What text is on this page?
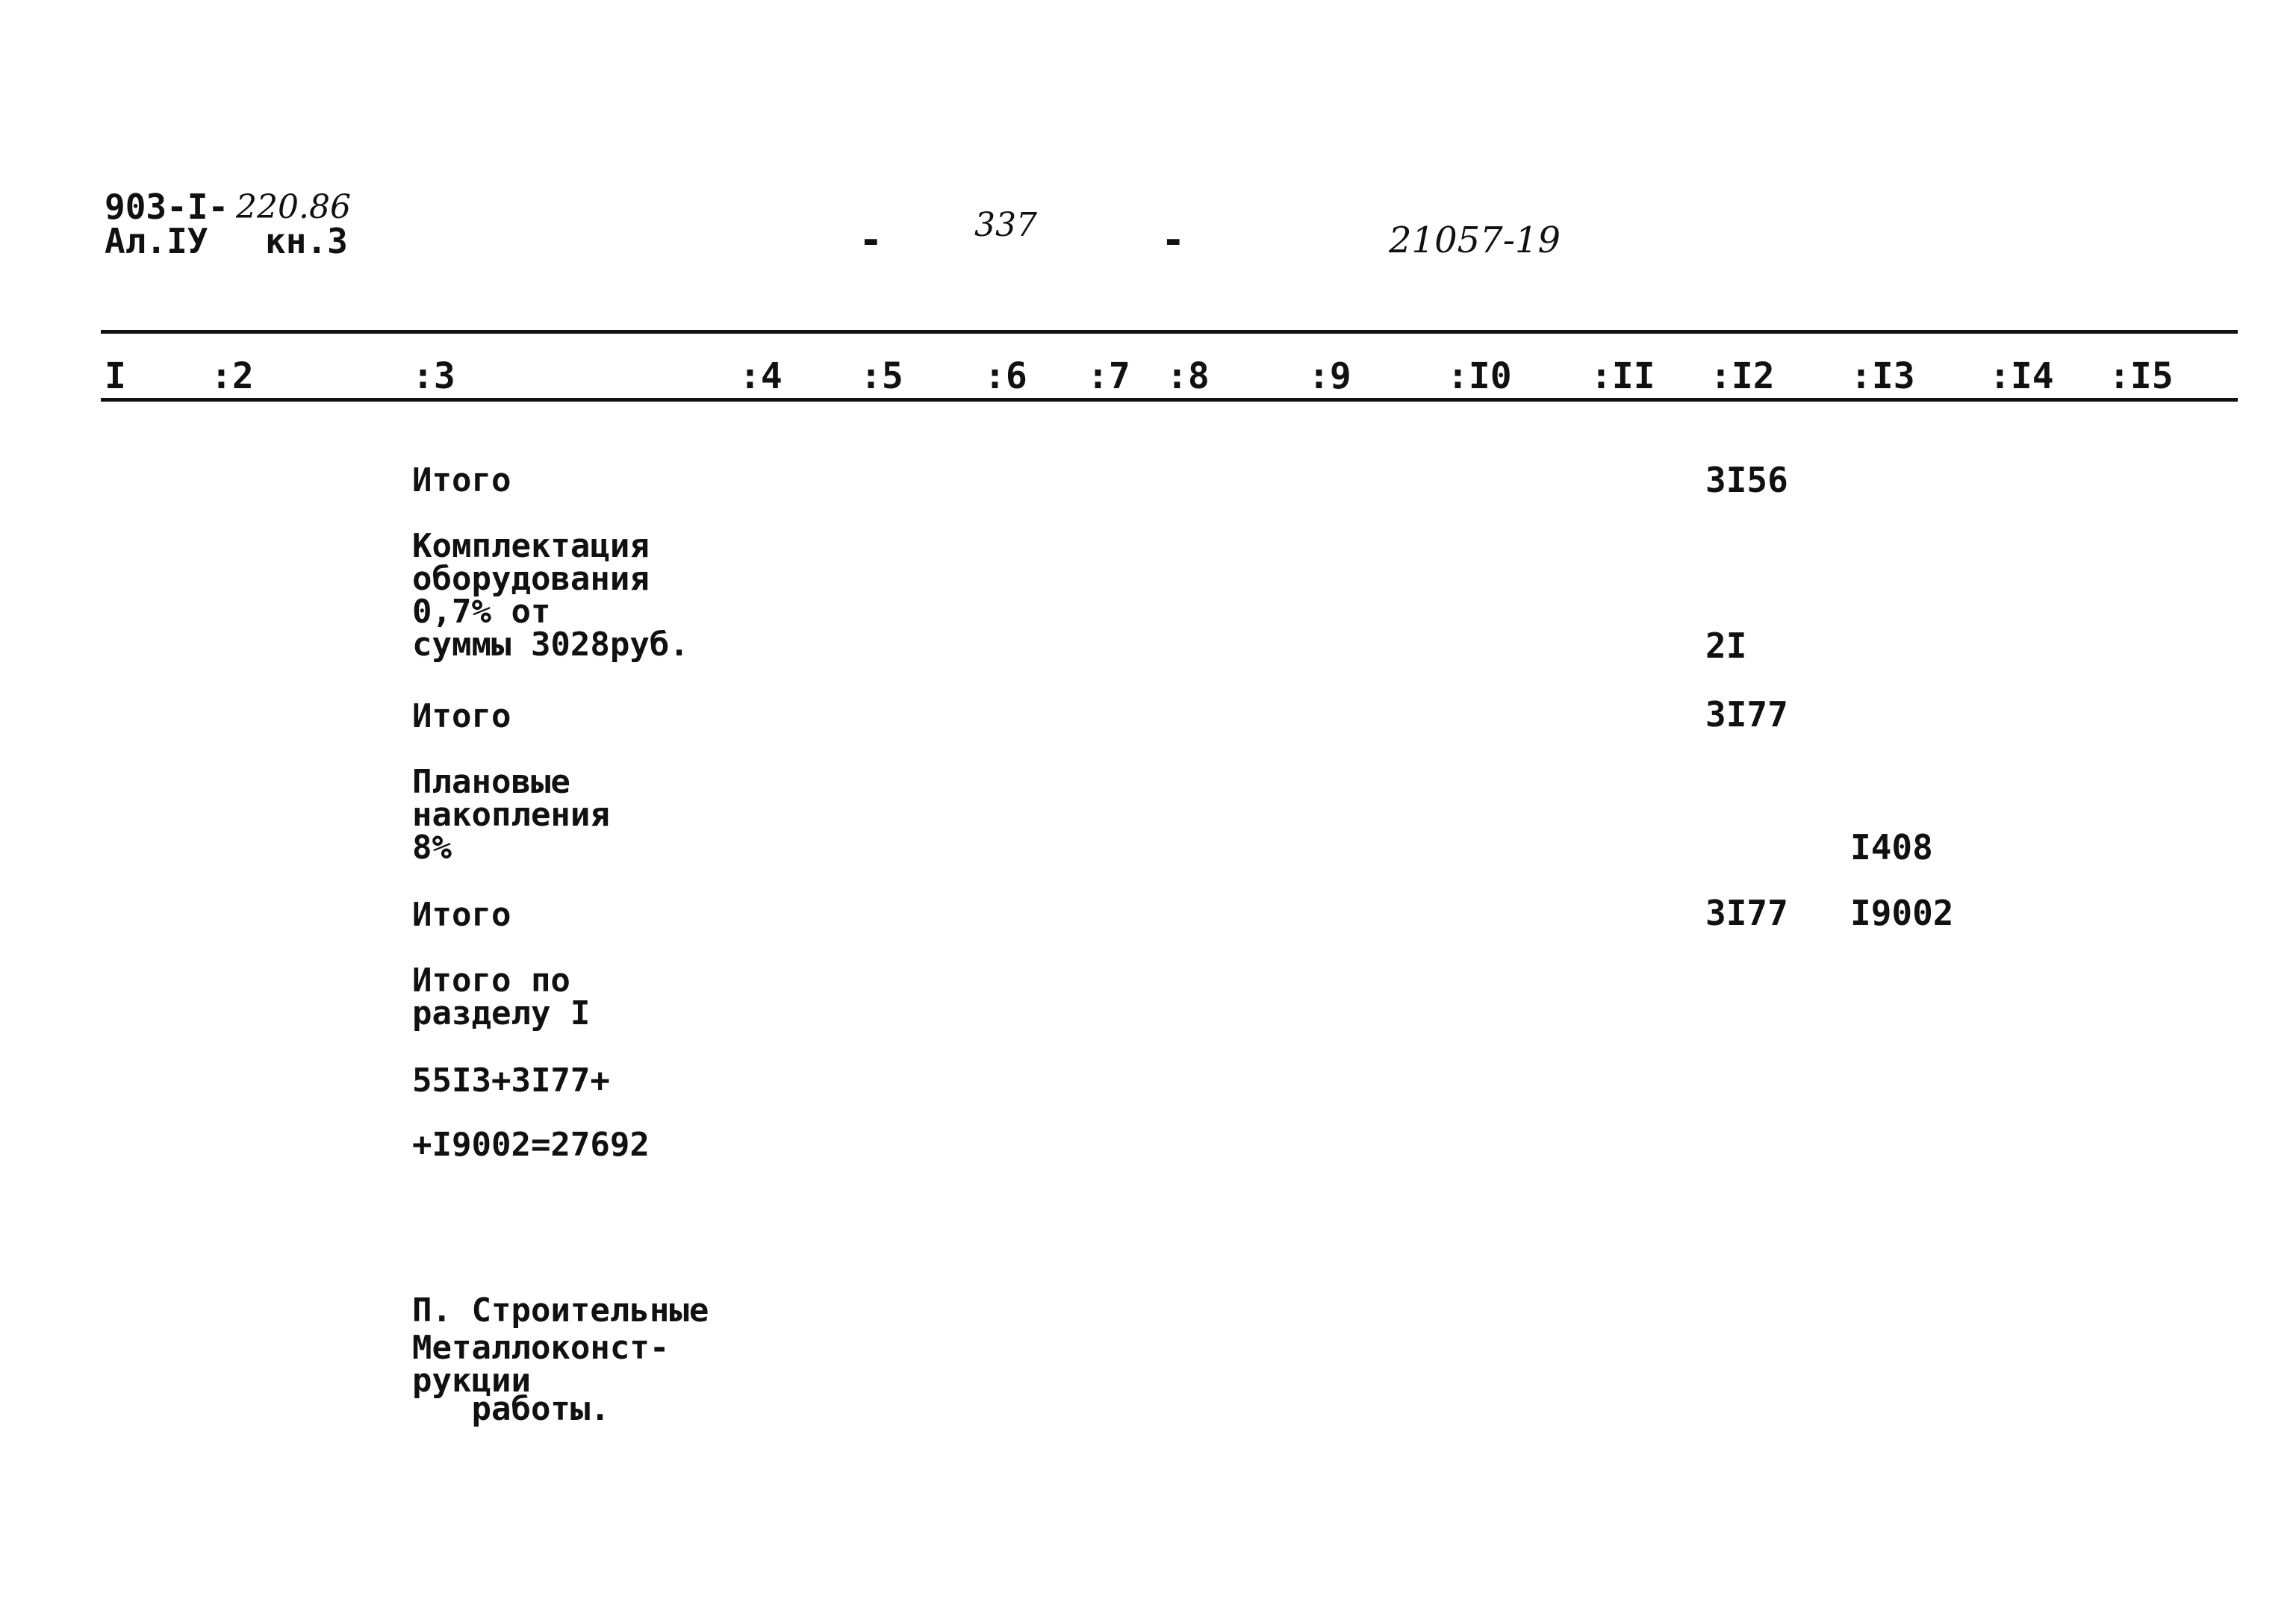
903-I- 220.86
Ал.IУ кн.3	-	337	-	21057-19
I :2	:3	:4 :5 :6 :7 :8	:9	:I0 :II :I2 :I3 :I4 :I5
Итого	3I56
Комплектация
оборудования
0,7% от
суммы 3028руб.	2I
Итого	3I77
Плановые
накопления
8%	I408
Итого	3I77 I9002
Итого по
разделу I
55I3+3I77+
+I9002=27692

П. Строительные

работы.

Металлоконст-
рукции
